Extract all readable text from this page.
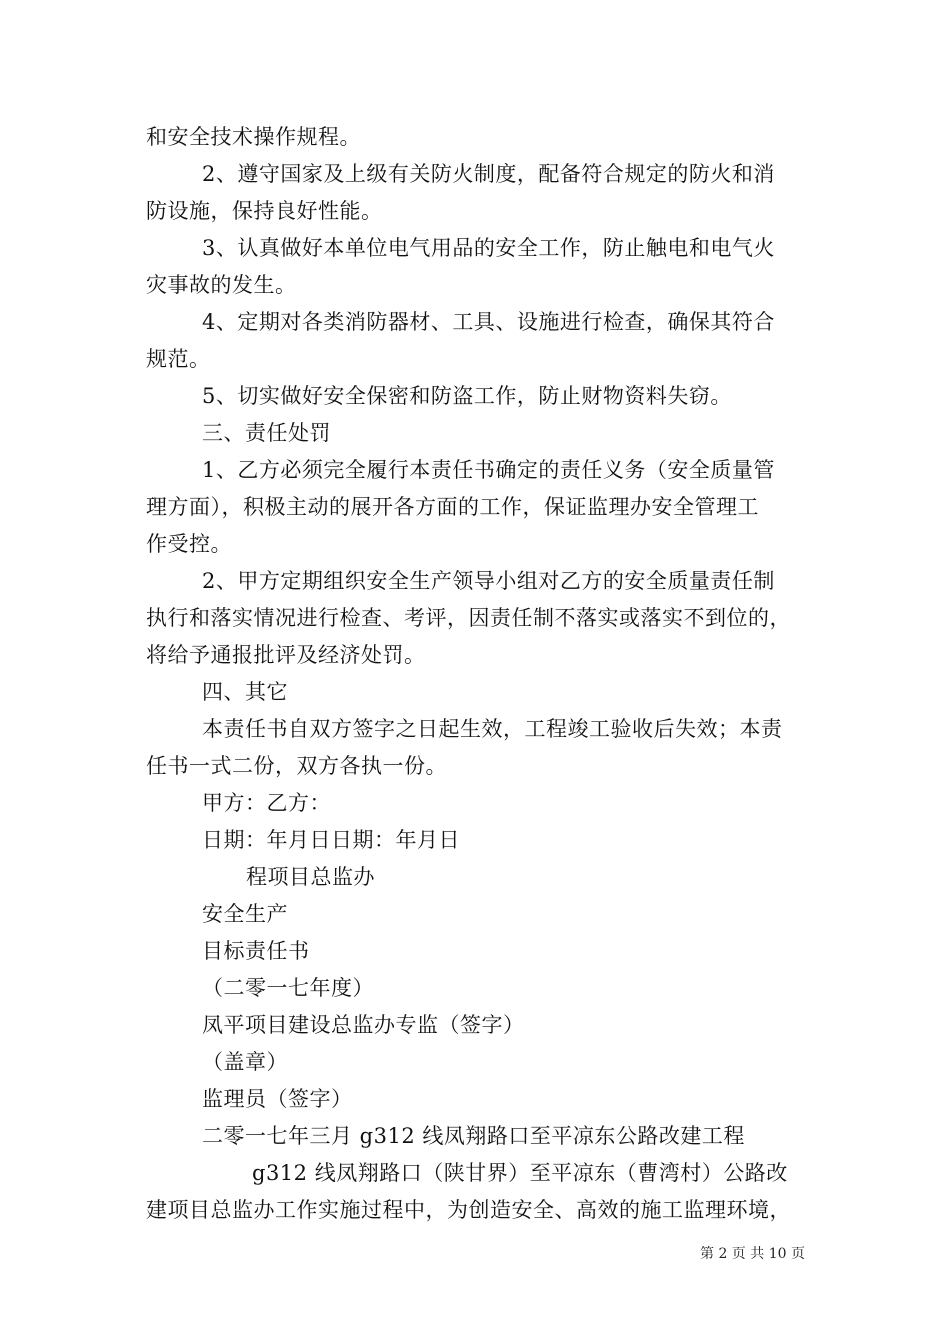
和安全技术操作规程。
2、遵守国家及上级有关防火制度，配备符合规定的防火和消
防设施，保持良好性能。
3、认真做好本单位电气用品的安全工作，防止触电和电气火
灾事故的发生。
4、定期对各类消防器材、工具、设施进行检查，确保其符合
规范。
5、切实做好安全保密和防盗工作，防止财物资料失窃。
三、责任处罚
1、乙方必须完全履行本责任书确定的责任义务（安全质量管
理方面），积极主动的展开各方面的工作，保证监理办安全管理工
作受控。
2、甲方定期组织安全生产领导小组对乙方的安全质量责任制
执行和落实情况进行检查、考评，因责任制不落实或落实不到位的，
将给予通报批评及经济处罚。
四、其它
本责任书自双方签字之日起生效，工程竣工验收后失效；本责
任书一式二份，双方各执一份。
甲方：乙方：
日期：年月日日期：年月日
程项目总监办
安全生产
目标责任书
（二零一七年度）
凤平项目建设总监办专监（签字）
（盖章）
监理员（签字）
二零一七年三月 g312 线凤翔路口至平凉东公路改建工程
g312 线凤翔路口（陕甘界）至平凉东（曹湾村）公路改
建项目总监办工作实施过程中，为创造安全、高效的施工监理环境，
第 2 页 共 10 页
